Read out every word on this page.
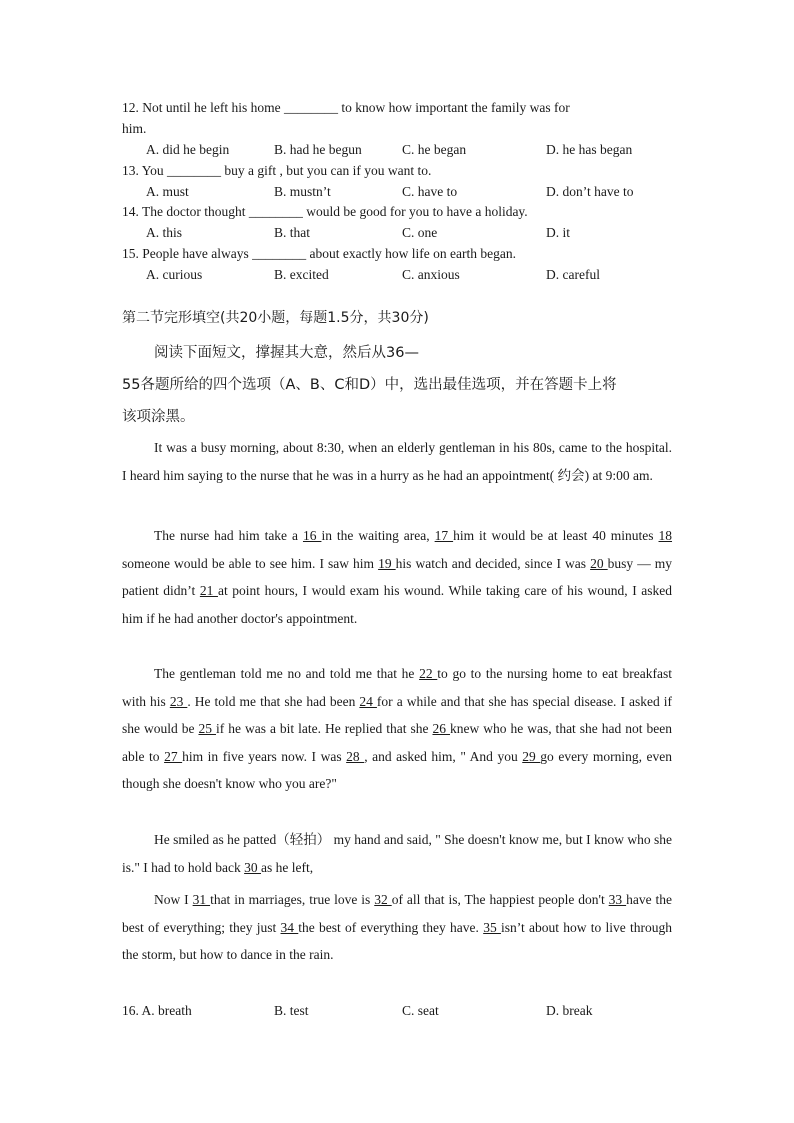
12. Not until he left his home ________ to know how important the family was for
him.
A. did he begin	B. had he begun	C. he began	D. he has began
13. You ________ buy a gift , but you can if you want to.
A. must	B. mustn’t	C. have to	D. don’t have to
14. The doctor thought ________ would be good for you to have a holiday.
A. this	B. that	C. one	D. it
15. People have always ________ about exactly how life on earth began.
A. curious	B. excited	C. anxious	D. careful
第二节完形填空(共20小题，每题1.5分，共30分)
阅读下面短文，撑握其大意，然后从36—
55各题所给的四个选项（A、B、C和D）中，选出最佳选项，并在答题卡上将
该项涂黑。
It was a busy morning, about 8:30, when an elderly gentleman in his 80s, came to the hospital. I heard him saying to the nurse that he was in a hurry as he had an appointment( 约会) at 9:00 am.
The nurse had him take a 16 in the waiting area, 17 him it would be at least 40 minutes 18 someone would be able to see him. I saw him 19 his watch and decided, since I was 20 busy — my patient didn’t 21 at point hours, I would exam his wound. While taking care of his wound, I asked him if he had another doctor's appointment.
The gentleman told me no and told me that he 22 to go to the nursing home to eat breakfast with his 23 . He told me that she had been 24 for a while and that she has special disease. I asked if she would be 25 if he was a bit late. He replied that she 26 knew who he was, that she had not been able to 27 him in five years now. I was 28 , and asked him, " And you 29 go every morning, even though she doesn't know who you are?"
He smiled as he patted（轻拍） my hand and said, " She doesn't know me, but I know who she is." I had to hold back 30 as he left,
Now I 31 that in marriages, true love is 32 of all that is, The happiest people don't 33 have the best of everything; they just 34 the best of everything they have. 35 isn’t about how to live through the storm, but how to dance in the rain.
16. A. breath	B. test	C. seat	D. break
